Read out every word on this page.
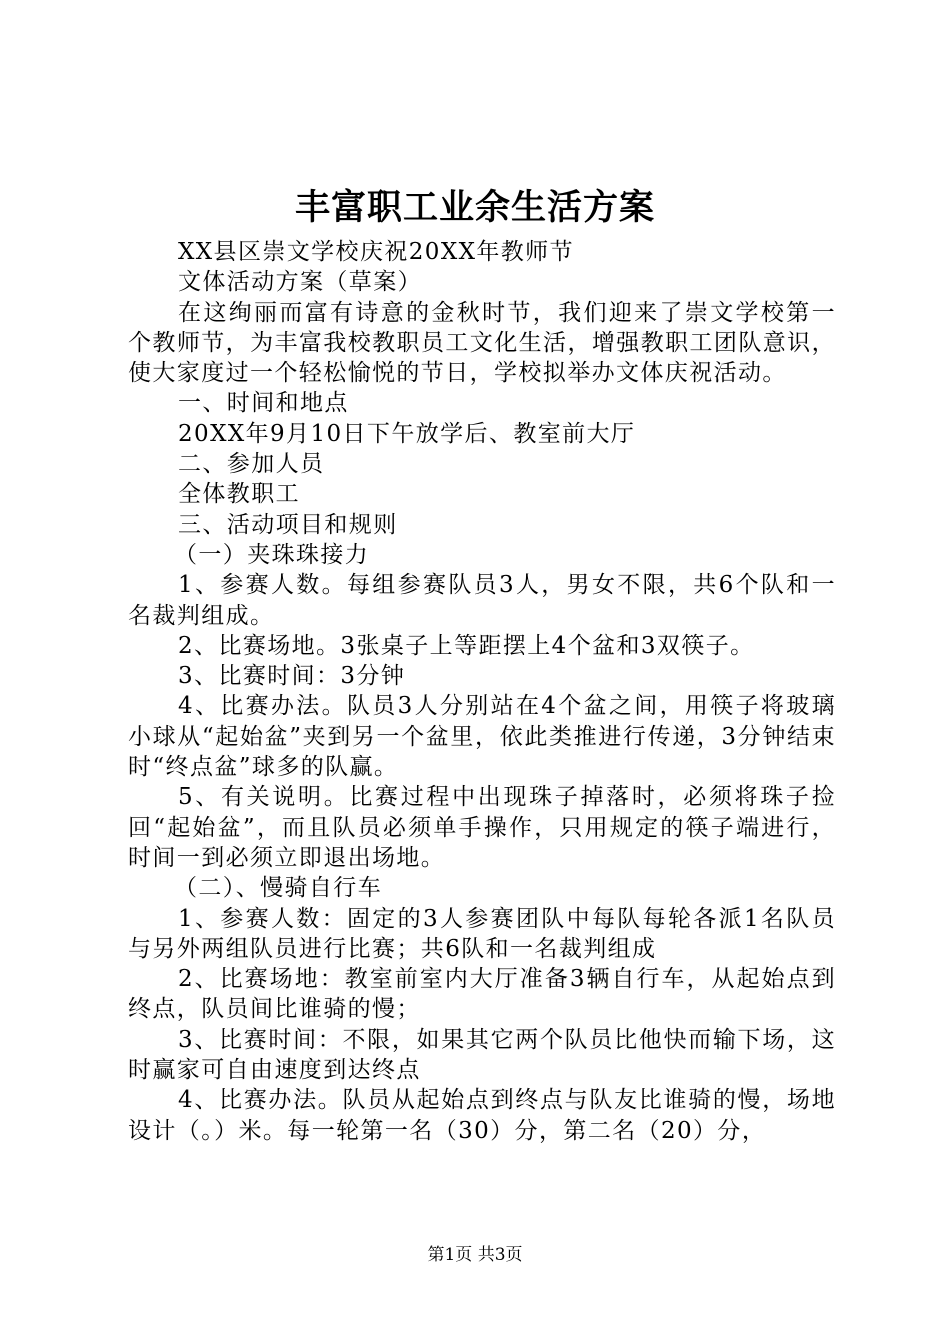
丰富职工业余生活方案

XX县区崇文学校庆祝20XX年教师节

文体活动方案（草案）

在这绚丽而富有诗意的金秋时节，我们迎来了崇文学校第一个教师节，为丰富我校教职员工文化生活，增强教职工团队意识，使大家度过一个轻松愉悦的节日，学校拟举办文体庆祝活动。

一、时间和地点

20XX年9月10日下午放学后、教室前大厅

二、参加人员

全体教职工

三、活动项目和规则

（一）夹珠珠接力

1、参赛人数。每组参赛队员3人，男女不限，共6个队和一名裁判组成。

2、比赛场地。3张桌子上等距摆上4个盆和3双筷子。

3、比赛时间：3分钟

4、比赛办法。队员3人分别站在4个盆之间，用筷子将玻璃小球从“起始盆”夹到另一个盆里，依此类推进行传递，3分钟结束时“终点盆”球多的队赢。

5、有关说明。比赛过程中出现珠子掉落时，必须将珠子捡回“起始盆”，而且队员必须单手操作，只用规定的筷子端进行，时间一到必须立即退出场地。

（二）、慢骑自行车

1、参赛人数：固定的3人参赛团队中每队每轮各派1名队员与另外两组队员进行比赛；共6队和一名裁判组成

2、比赛场地：教室前室内大厅准备3辆自行车，从起始点到终点，队员间比谁骑的慢；

3、比赛时间：不限，如果其它两个队员比他快而输下场，这时赢家可自由速度到达终点

4、比赛办法。队员从起始点到终点与队友比谁骑的慢，场地设计（。）米。每一轮第一名（30）分，第二名（20）分，

第1页 共3页
